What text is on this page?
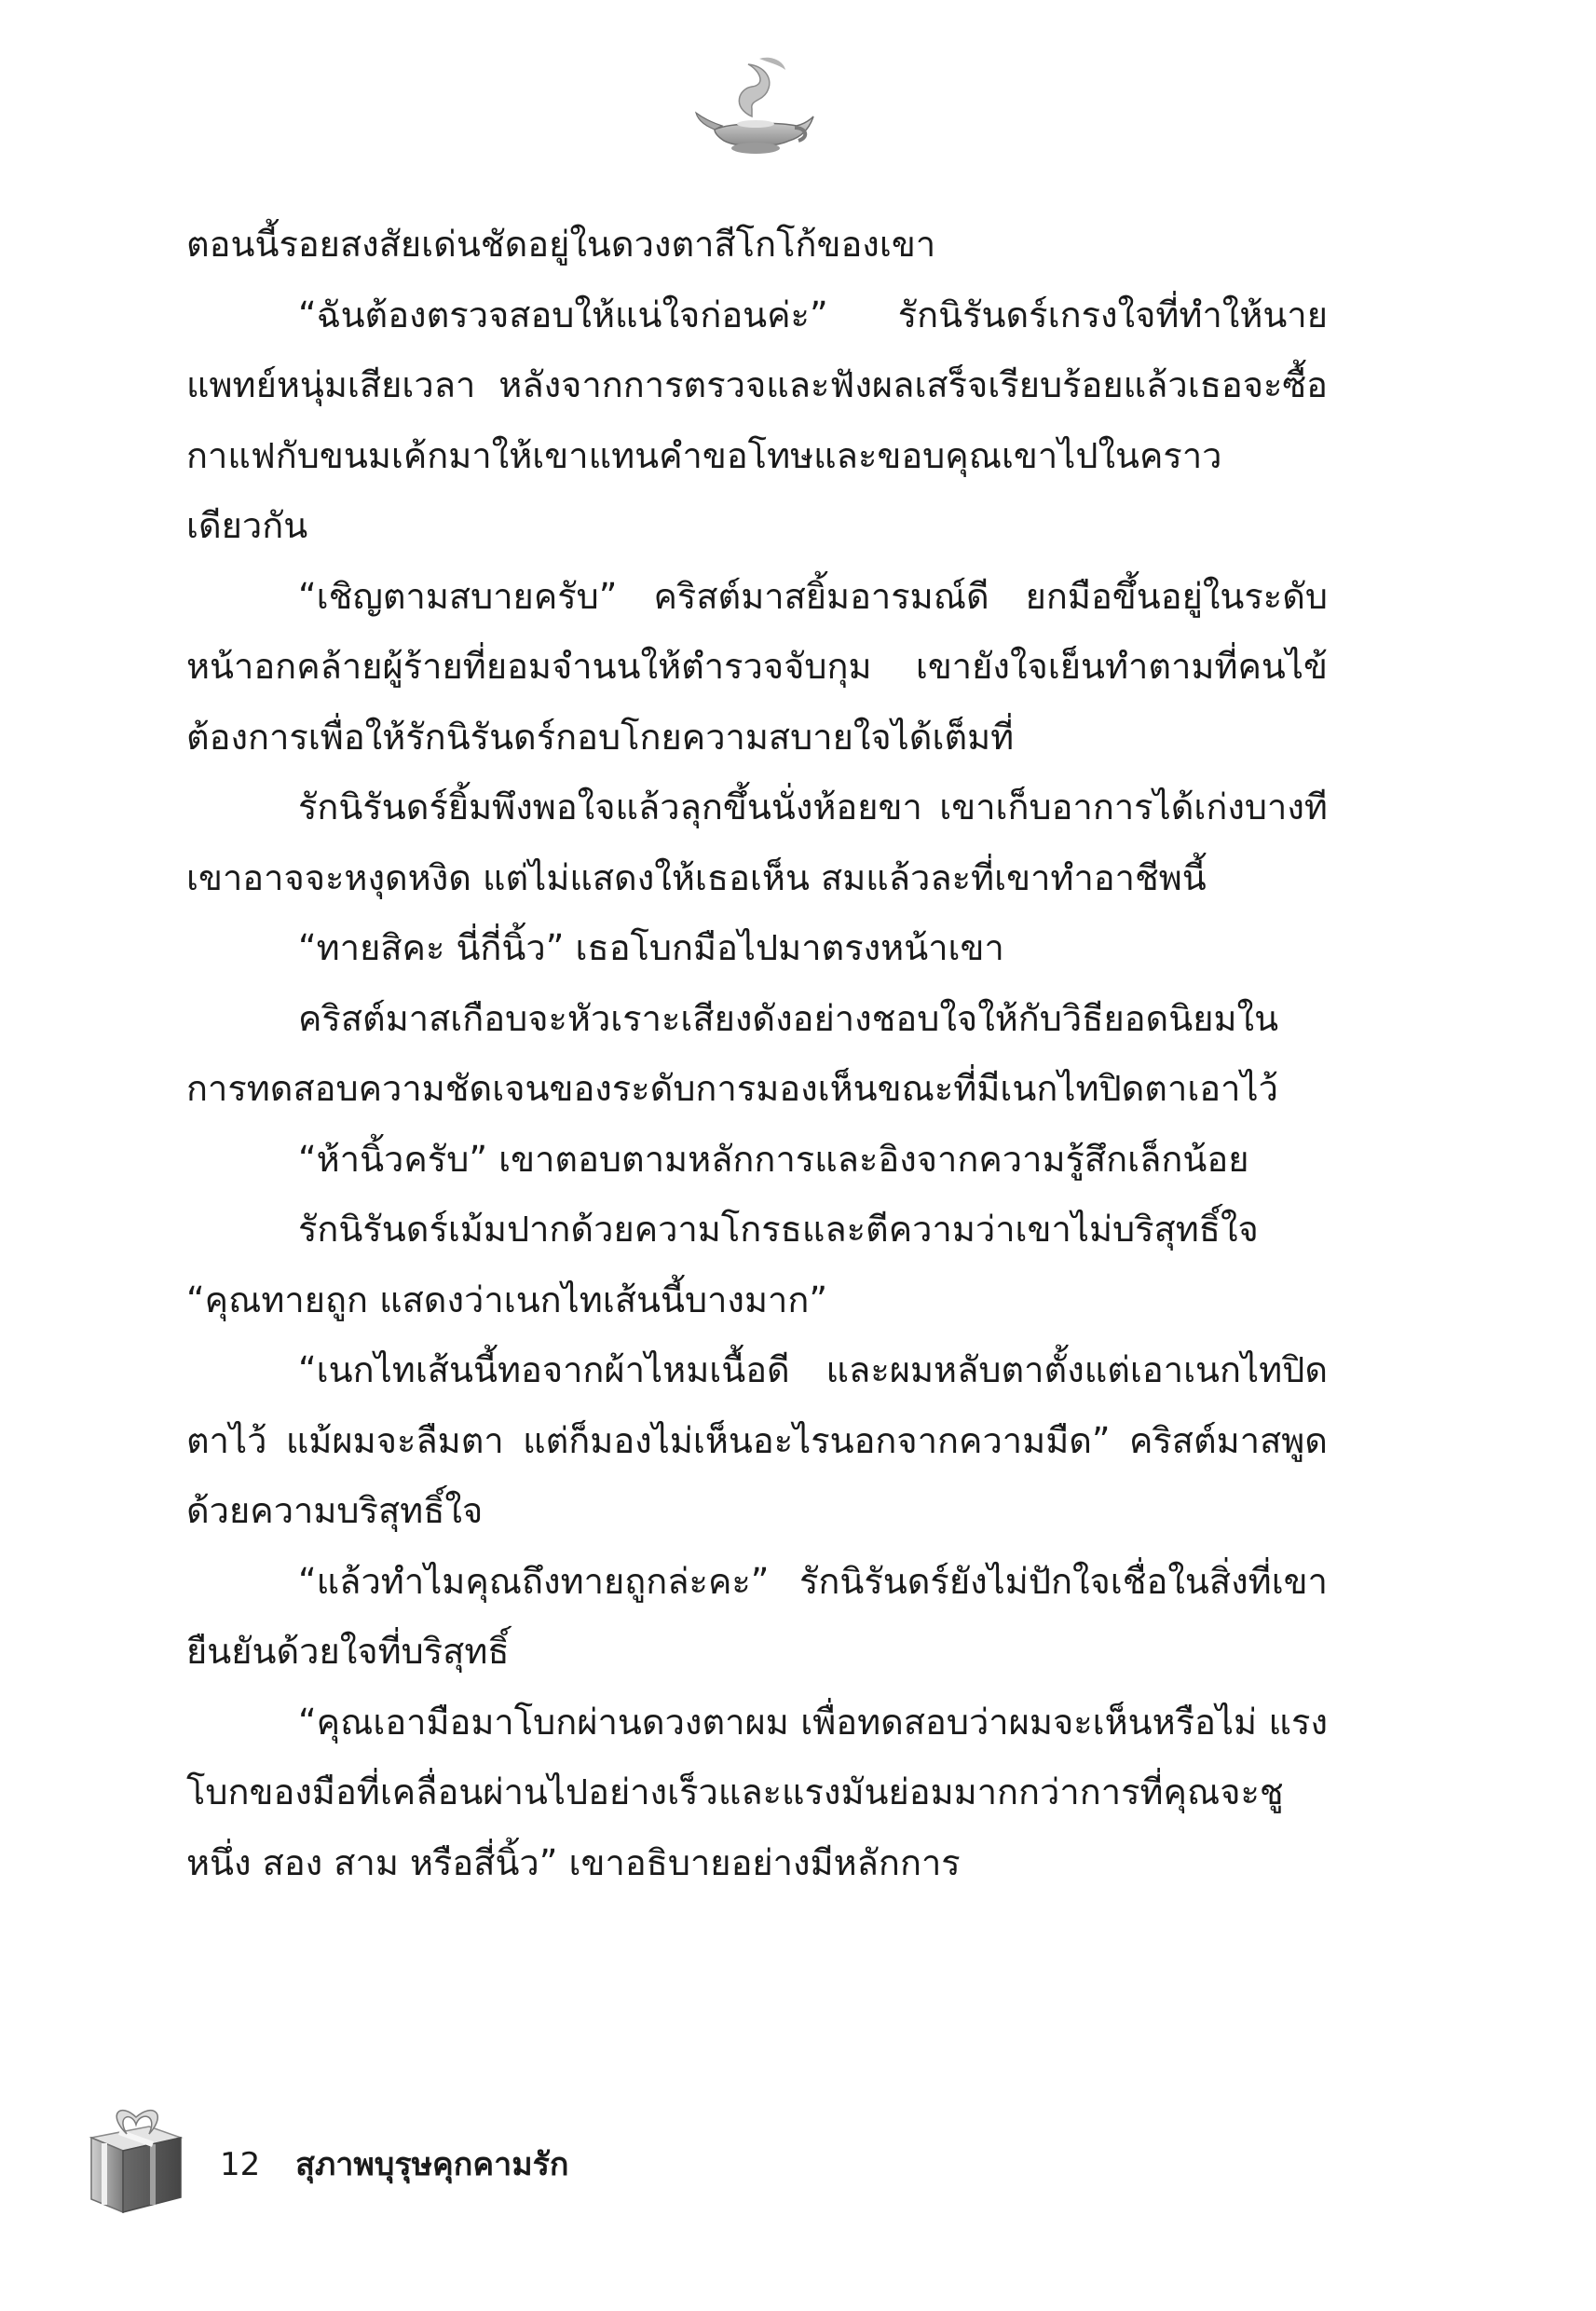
ตอนนี้รอยสงสัยเด่นชัดอยู่ในดวงตาสีโกโก้ของเขา

“ฉันต้องตรวจสอบให้แน่ใจก่อนค่ะ” รักนิรันดร์เกรงใจที่ทำให้นายแพทย์หนุ่มเสียเวลา หลังจากการตรวจและฟังผลเสร็จเรียบร้อยแล้วเธอจะซื้อกาแฟกับขนมเค้กมาให้เขาแทนคำขอโทษและขอบคุณเขาไปในคราวเดียวกัน

“เชิญตามสบายครับ” คริสต์มาสยิ้มอารมณ์ดี ยกมือขึ้นอยู่ในระดับหน้าอกคล้ายผู้ร้ายที่ยอมจำนนให้ตำรวจจับกุม เขายังใจเย็นทำตามที่คนไข้ต้องการเพื่อให้รักนิรันดร์กอบโกยความสบายใจได้เต็มที่

รักนิรันดร์ยิ้มพึงพอใจแล้วลุกขึ้นนั่งห้อยขา เขาเก็บอาการได้เก่งบางทีเขาอาจจะหงุดหงิด แต่ไม่แสดงให้เธอเห็น สมแล้วละที่เขาทำอาชีพนี้

“ทายสิคะ นี่กี่นิ้ว” เธอโบกมือไปมาตรงหน้าเขา

คริสต์มาสเกือบจะหัวเราะเสียงดังอย่างชอบใจให้กับวิธียอดนิยมในการทดสอบความชัดเจนของระดับการมองเห็นขณะที่มีเนกไทปิดตาเอาไว้

“ห้านิ้วครับ” เขาตอบตามหลักการและอิงจากความรู้สึกเล็กน้อย

รักนิรันดร์เม้มปากด้วยความโกรธและตีความว่าเขาไม่บริสุทธิ์ใจ “คุณทายถูก แสดงว่าเนกไทเส้นนี้บางมาก”

“เนกไทเส้นนี้ทอจากผ้าไหมเนื้อดี และผมหลับตาตั้งแต่เอาเนกไทปิดตาไว้ แม้ผมจะลืมตา แต่ก็มองไม่เห็นอะไรนอกจากความมืด” คริสต์มาสพูดด้วยความบริสุทธิ์ใจ

“แล้วทำไมคุณถึงทายถูกล่ะคะ” รักนิรันดร์ยังไม่ปักใจเชื่อในสิ่งที่เขายืนยันด้วยใจที่บริสุทธิ์

“คุณเอามือมาโบกผ่านดวงตาผม เพื่อทดสอบว่าผมจะเห็นหรือไม่ แรงโบกของมือที่เคลื่อนผ่านไปอย่างเร็วและแรงมันย่อมมากกว่าการที่คุณจะชูหนึ่ง สอง สาม หรือสี่นิ้ว” เขาอธิบายอย่างมีหลักการ

12 สุภาพบุรุษคุกคามรัก
